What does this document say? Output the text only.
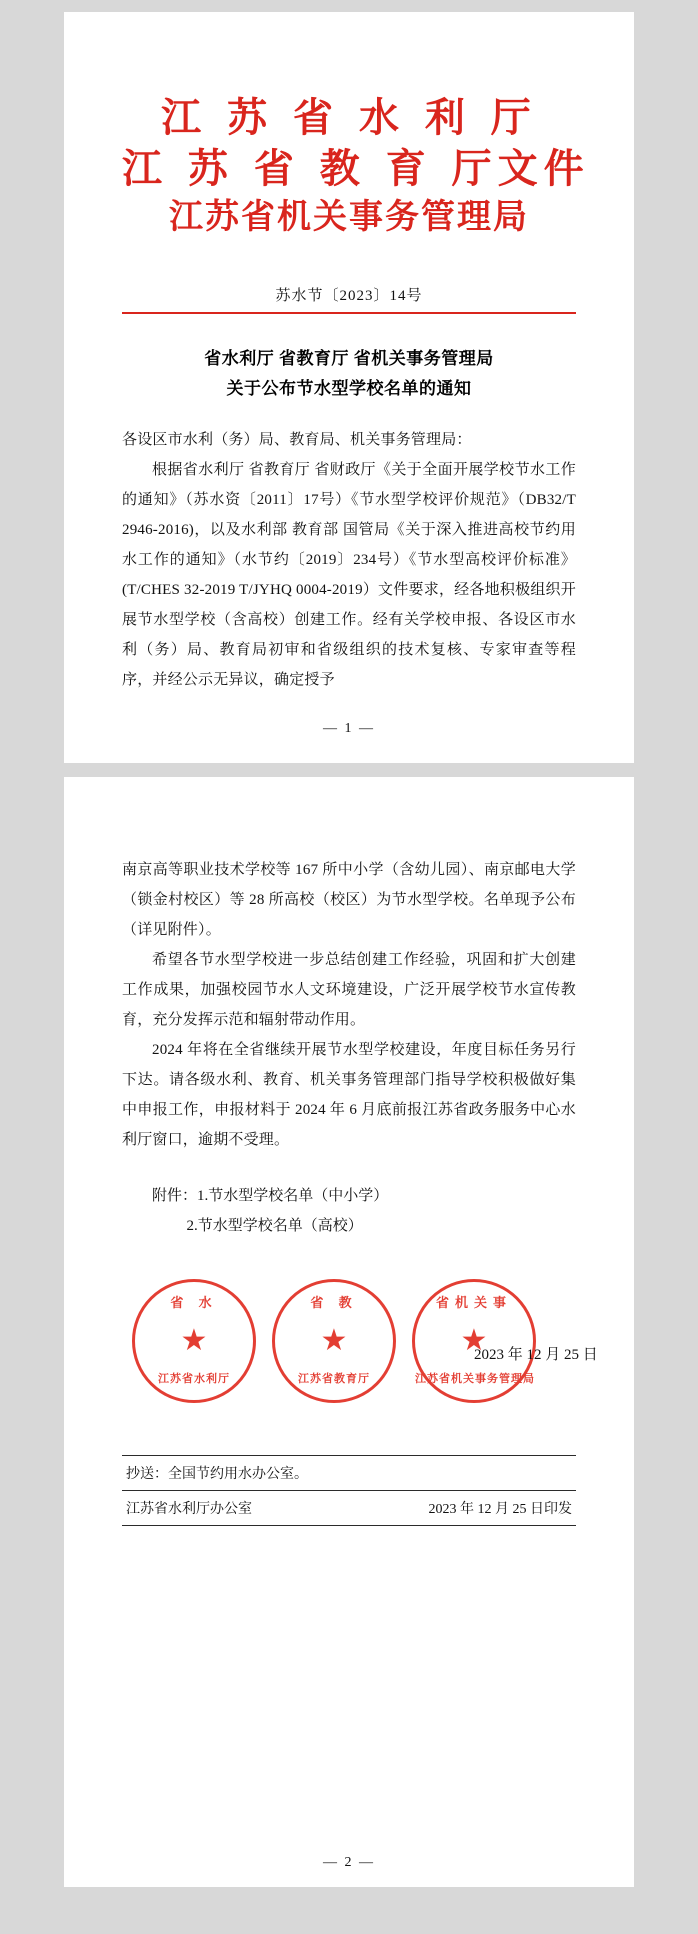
江 苏 省 水 利 厅
江 苏 省 教 育 厅文件
江苏省机关事务管理局
苏水节〔2023〕14号
省水利厅 省教育厅 省机关事务管理局
关于公布节水型学校名单的通知

各设区市水利（务）局、教育局、机关事务管理局：

根据省水利厅 省教育厅 省财政厅《关于全面开展学校节水工作的通知》（苏水资〔2011〕17号）《节水型学校评价规范》（DB32/T 2946-2016)，以及水利部 教育部 国管局《关于深入推进高校节约用水工作的通知》（水节约〔2019〕234号）《节水型高校评价标准》(T/CHES 32-2019 T/JYHQ 0004-2019）文件要求，经各地积极组织开展节水型学校（含高校）创建工作。经有关学校申报、各设区市水利（务）局、教育局初审和省级组织的技术复核、专家审查等程序，并经公示无异议，确定授予

— 1 —

南京高等职业技术学校等 167 所中小学（含幼儿园）、南京邮电大学（锁金村校区）等 28 所高校（校区）为节水型学校。名单现予公布（详见附件）。

希望各节水型学校进一步总结创建工作经验，巩固和扩大创建工作成果，加强校园节水人文环境建设，广泛开展学校节水宣传教育，充分发挥示范和辐射带动作用。

2024 年将在全省继续开展节水型学校建设，年度目标任务另行下达。请各级水利、教育、机关事务管理部门指导学校积极做好集中申报工作，申报材料于 2024 年 6 月底前报江苏省政务服务中心水利厅窗口，逾期不受理。

附件：1.节水型学校名单（中小学）
2.节水型学校名单（高校）
省 水
★
江苏省水利厅
省 教
★
江苏省教育厅
省机关事
★
江苏省机关事务管理局
2023 年 12 月 25 日
抄送：全国节约用水办公室。
江苏省水利厅办公室	2023 年 12 月 25 日印发
— 2 —
